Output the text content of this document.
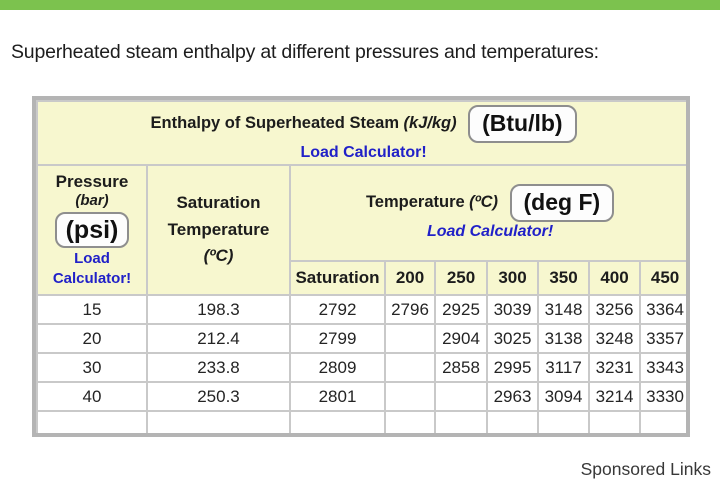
Superheated steam enthalpy at different pressures and temperatures:
Enthalpy of Superheated Steam (kJ/kg) (Btu/lb)
Load Calculator!								

Pressure
(bar)
(psi)
Load Calculator!

Saturation
Temperature
(ºC)

Temperature (ºC) (deg F)
Load Calculator!

		Saturation	200	250	300	350	400	450
15	198.3	2792	2796	2925	3039	3148	3256	3364
20	212.4	2799		2904	3025	3138	3248	3357
30	233.8	2809		2858	2995	3117	3231	3343
40	250.3	2801			2963	3094	3214	3330

Sponsored Links
